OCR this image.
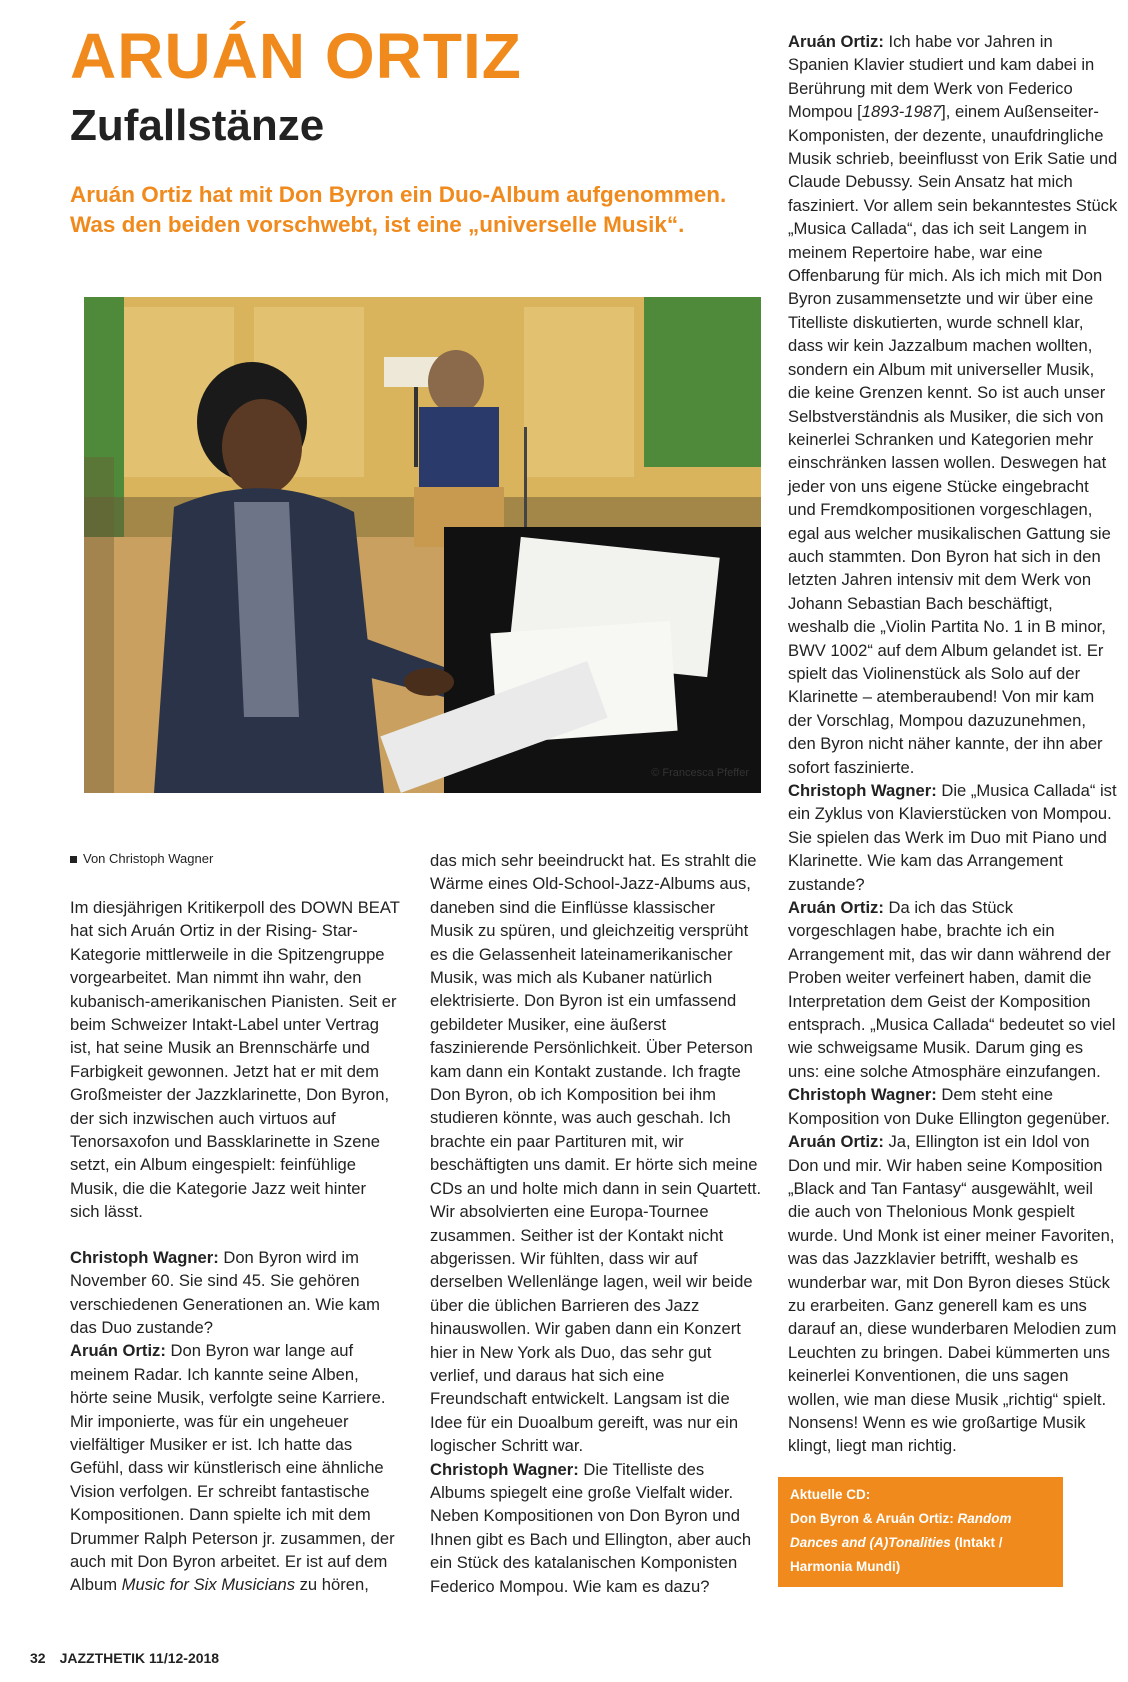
ARUÁN ORTIZ
Zufallstänze
Aruán Ortiz hat mit Don Byron ein Duo-Album aufgenommen.
Was den beiden vorschwebt, ist eine „universelle Musik“.
© Francesca Pfeffer
Von Christoph Wagner

Im diesjährigen Kritikerpoll des DOWN BEAT hat sich Aruán Ortiz in der Rising- Star-Kategorie mittlerweile in die Spitzengruppe vorgearbeitet. Man nimmt ihn wahr, den kubanisch-amerikanischen Pianisten. Seit er beim Schweizer Intakt-Label unter Vertrag ist, hat seine Musik an Brennschärfe und Farbigkeit gewonnen. Jetzt hat er mit dem Großmeister der Jazzklarinette, Don Byron, der sich inzwischen auch virtuos auf Tenorsaxofon und Bassklarinette in Szene setzt, ein Album eingespielt: feinfühlige Musik, die die Kategorie Jazz weit hinter sich lässt.

Christoph Wagner: Don Byron wird im November 60. Sie sind 45. Sie gehören verschiedenen Generationen an. Wie kam das Duo zustande?

Aruán Ortiz: Don Byron war lange auf meinem Radar. Ich kannte seine Alben, hörte seine Musik, verfolgte seine Karriere. Mir imponierte, was für ein ungeheuer vielfältiger Musiker er ist. Ich hatte das Gefühl, dass wir künstlerisch eine ähnliche Vision verfolgen. Er schreibt fantastische Kompositionen. Dann spielte ich mit dem Drummer Ralph Peterson jr. zusammen, der auch mit Don Byron arbeitet. Er ist auf dem Album Music for Six Musicians zu hören,

das mich sehr beeindruckt hat. Es strahlt die Wärme eines Old-School-Jazz-Albums aus, daneben sind die Einflüsse klassischer Musik zu spüren, und gleichzeitig versprüht es die Gelassenheit lateinamerikanischer Musik, was mich als Kubaner natürlich elektrisierte. Don Byron ist ein umfassend gebildeter Musiker, eine äußerst faszinierende Persönlichkeit. Über Peterson kam dann ein Kontakt zustande. Ich fragte Don Byron, ob ich Komposition bei ihm studieren könnte, was auch geschah. Ich brachte ein paar Partituren mit, wir beschäftigten uns damit. Er hörte sich meine CDs an und holte mich dann in sein Quartett. Wir absolvierten eine Europa-Tournee zusammen. Seither ist der Kontakt nicht abgerissen. Wir fühlten, dass wir auf derselben Wellenlänge lagen, weil wir beide über die üblichen Barrieren des Jazz hinauswollen. Wir gaben dann ein Konzert hier in New York als Duo, das sehr gut verlief, und daraus hat sich eine Freundschaft entwickelt. Langsam ist die Idee für ein Duoalbum gereift, was nur ein logischer Schritt war.

Christoph Wagner: Die Titelliste des Albums spiegelt eine große Vielfalt wider. Neben Kompositionen von Don Byron und Ihnen gibt es Bach und Ellington, aber auch ein Stück des katalanischen Komponisten Federico Mompou. Wie kam es dazu?

Aruán Ortiz: Ich habe vor Jahren in Spanien Klavier studiert und kam dabei in Berührung mit dem Werk von Federico Mompou [1893-1987], einem Außenseiter-Komponisten, der dezente, unaufdringliche Musik schrieb, beeinflusst von Erik Satie und Claude Debussy. Sein Ansatz hat mich fasziniert. Vor allem sein bekanntestes Stück „Musica Callada“, das ich seit Langem in meinem Repertoire habe, war eine Offenbarung für mich. Als ich mich mit Don Byron zusammensetzte und wir über eine Titelliste diskutierten, wurde schnell klar, dass wir kein Jazzalbum machen wollten, sondern ein Album mit universeller Musik, die keine Grenzen kennt. So ist auch unser Selbstverständnis als Musiker, die sich von keinerlei Schranken und Kategorien mehr einschränken lassen wollen. Deswegen hat jeder von uns eigene Stücke eingebracht und Fremdkompositionen vorgeschlagen, egal aus welcher musikalischen Gattung sie auch stammten. Don Byron hat sich in den letzten Jahren intensiv mit dem Werk von Johann Sebastian Bach beschäftigt, weshalb die „Violin Partita No. 1 in B minor, BWV 1002“ auf dem Album gelandet ist. Er spielt das Violinenstück als Solo auf der Klarinette – atemberaubend! Von mir kam der Vorschlag, Mompou dazuzunehmen, den Byron nicht näher kannte, der ihn aber sofort faszinierte.

Christoph Wagner: Die „Musica Callada“ ist ein Zyklus von Klavierstücken von Mompou. Sie spielen das Werk im Duo mit Piano und Klarinette. Wie kam das Arrangement zustande?

Aruán Ortiz: Da ich das Stück vorgeschlagen habe, brachte ich ein Arrangement mit, das wir dann während der Proben weiter verfeinert haben, damit die Interpretation dem Geist der Komposition entsprach. „Musica Callada“ bedeutet so viel wie schweigsame Musik. Darum ging es uns: eine solche Atmosphäre einzufangen.

Christoph Wagner: Dem steht eine Komposition von Duke Ellington gegenüber.

Aruán Ortiz: Ja, Ellington ist ein Idol von Don und mir. Wir haben seine Komposition „Black and Tan Fantasy“ ausgewählt, weil die auch von Thelonious Monk gespielt wurde. Und Monk ist einer meiner Favoriten, was das Jazzklavier betrifft, weshalb es wunderbar war, mit Don Byron dieses Stück zu erarbeiten. Ganz generell kam es uns darauf an, diese wunderbaren Melodien zum Leuchten zu bringen. Dabei kümmerten uns keinerlei Konventionen, die uns sagen wollen, wie man diese Musik „richtig“ spielt. Nonsens! Wenn es wie großartige Musik klingt, liegt man richtig.

Aktuelle CD:
Don Byron & Aruán Ortiz: Random Dances and (A)Tonalities (Intakt / Harmonia Mundi)
32 JAZZTHETIK 11/12-2018
